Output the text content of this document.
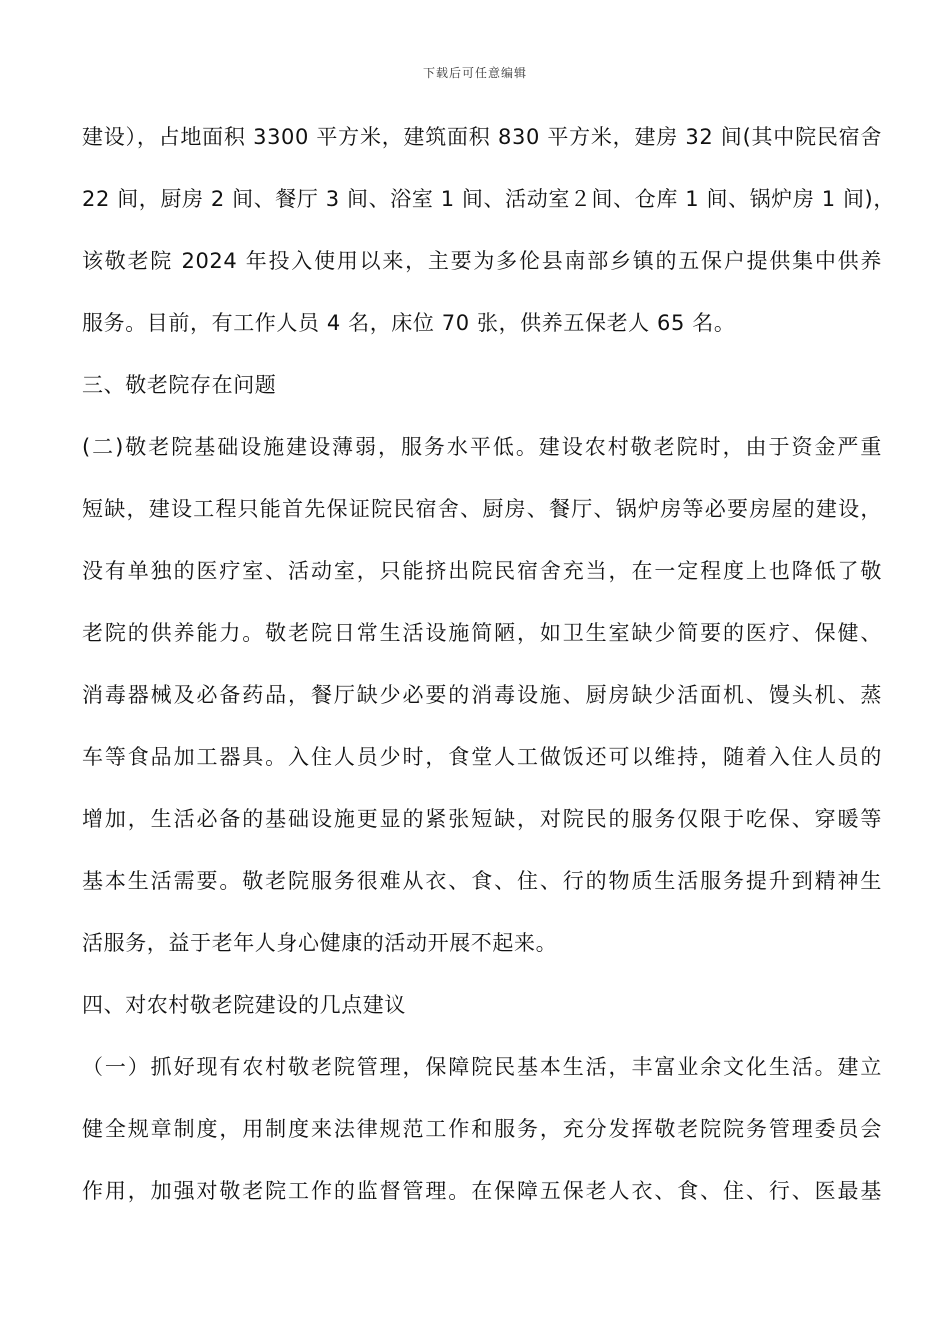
下载后可任意编辑
建设），占地面积 3300 平方米，建筑面积 830 平方米，建房 32 间(其中院民宿舍
22 间，厨房 2 间、餐厅 3 间、浴室 1 间、活动室２间、仓库 1 间、锅炉房 1 间)，
该敬老院 2024 年投入使用以来，主要为多伦县南部乡镇的五保户提供集中供养
服务。目前，有工作人员 4 名，床位 70 张，供养五保老人 65 名。
三、敬老院存在问题
(二)敬老院基础设施建设薄弱，服务水平低。建设农村敬老院时，由于资金严重
短缺，建设工程只能首先保证院民宿舍、厨房、餐厅、锅炉房等必要房屋的建设，
没有单独的医疗室、活动室，只能挤出院民宿舍充当，在一定程度上也降低了敬
老院的供养能力。敬老院日常生活设施简陋，如卫生室缺少简要的医疗、保健、
消毒器械及必备药品，餐厅缺少必要的消毒设施、厨房缺少活面机、馒头机、蒸
车等食品加工器具。入住人员少时，食堂人工做饭还可以维持，随着入住人员的
增加，生活必备的基础设施更显的紧张短缺，对院民的服务仅限于吃保、穿暖等
基本生活需要。敬老院服务很难从衣、食、住、行的物质生活服务提升到精神生
活服务，益于老年人身心健康的活动开展不起来。
四、对农村敬老院建设的几点建议
（一）抓好现有农村敬老院管理，保障院民基本生活，丰富业余文化生活。建立
健全规章制度，用制度来法律规范工作和服务，充分发挥敬老院院务管理委员会
作用，加强对敬老院工作的监督管理。在保障五保老人衣、食、住、行、医最基
